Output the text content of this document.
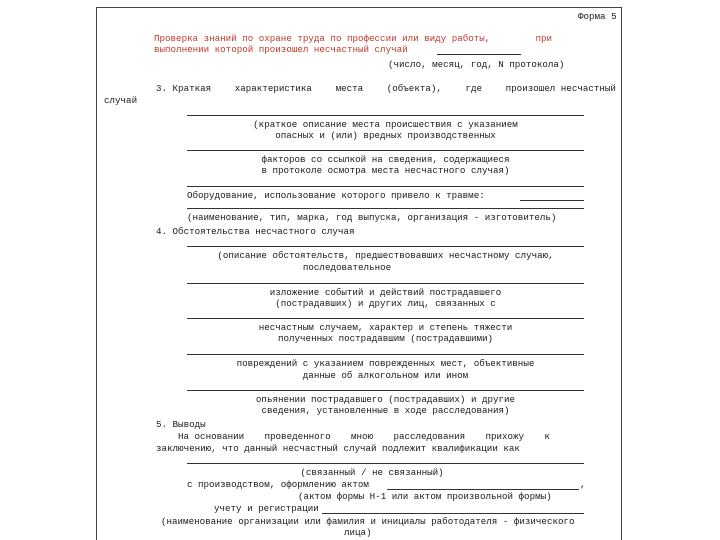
Форма 5
Проверка знаний по охране труда по профессии или виду работы,	при
выполнении которой произошел несчастный случай
(число, месяц, год, N протокола)
3. Краткая	характеристика	места	(объекта),	где	произошел несчастный
случай
(краткое описание места происшествия с указанием
опасных и (или) вредных производственных
факторов со ссылкой на сведения, содержащиеся
в протоколе осмотра места несчастного случая)
Оборудование, использование которого привело к травме:
(наименование, тип, марка, год выпуска, организация - изготовитель)
4. Обстоятельства несчастного случая
(описание обстоятельств, предшествовавших несчастному случаю,
последовательное
изложение событий и действий пострадавшего
(пострадавших) и других лиц, связанных с
несчастным случаем, характер и степень тяжести
полученных пострадавшим (пострадавшими)
повреждений с указанием поврежденных мест, объективные
данные об алкогольном или ином
опьянении пострадавшего (пострадавших) и другие
сведения, установленные в ходе расследования)
5. Выводы
На основании проведенного мною расследования прихожу к
заключению, что данный несчастный случай подлежит квалификации как
(связанный / не связанный)
с производством, оформлению актом	,
(актом формы Н-1 или актом произвольной формы)
учету и регистрации
(наименование организации или фамилия и инициалы работодателя - физического
лица)
